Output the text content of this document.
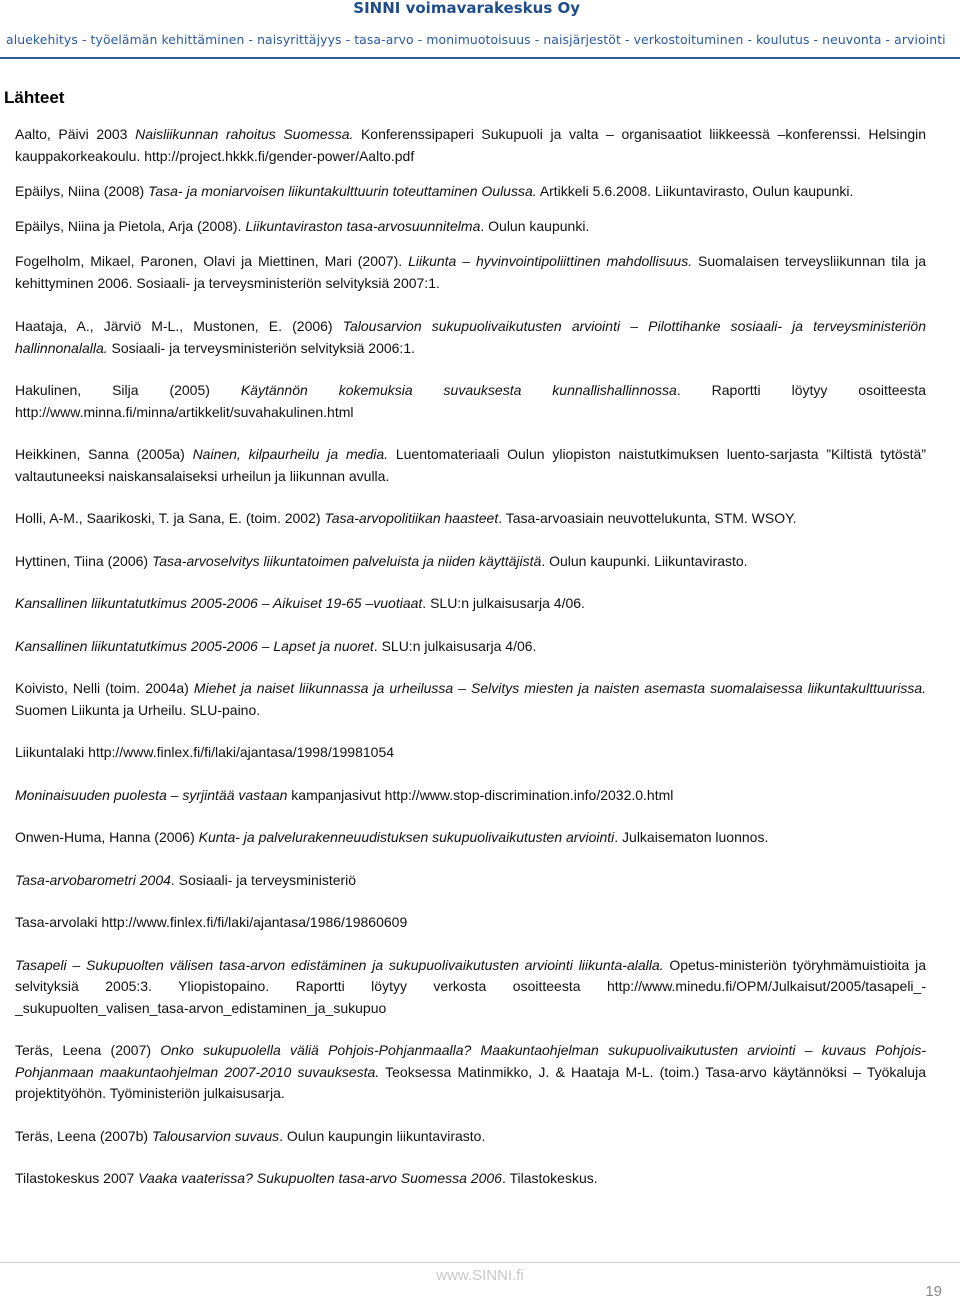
SINNI voimavarakeskus Oy
aluekehitys - työelämän kehittäminen - naisyrittäjyys - tasa-arvo - monimuotoisuus - naisjärjestöt - verkostoituminen - koulutus - neuvonta - arviointi
Lähteet

Aalto, Päivi 2003 Naisliikunnan rahoitus Suomessa. Konferenssipaperi Sukupuoli ja valta – organisaatiot liikkeessä –konferenssi. Helsingin kauppakorkeakoulu. http://project.hkkk.fi/gender-power/Aalto.pdf

Epäilys, Niina (2008) Tasa- ja moniarvoisen liikuntakulttuurin toteuttaminen Oulussa. Artikkeli 5.6.2008. Liikuntavirasto, Oulun kaupunki.

Epäilys, Niina ja Pietola, Arja (2008). Liikuntaviraston tasa-arvosuunnitelma. Oulun kaupunki.

Fogelholm, Mikael, Paronen, Olavi ja Miettinen, Mari (2007). Liikunta – hyvinvointipoliittinen mahdollisuus. Suomalaisen terveysliikunnan tila ja kehittyminen 2006. Sosiaali- ja terveysministeriön selvityksiä 2007:1.

Haataja, A., Järviö M-L., Mustonen, E. (2006) Talousarvion sukupuolivaikutusten arviointi – Pilottihanke sosiaali- ja terveysministeriön hallinnonalalla. Sosiaali- ja terveysministeriön selvityksiä 2006:1.

Hakulinen, Silja (2005) Käytännön kokemuksia suvauksesta kunnallishallinnossa. Raportti löytyy osoitteesta http://www.minna.fi/minna/artikkelit/suvahakulinen.html

Heikkinen, Sanna (2005a) Nainen, kilpaurheilu ja media. Luentomateriaali Oulun yliopiston naistutkimuksen luento-sarjasta ”Kiltistä tytöstä” valtautuneeksi naiskansalaiseksi urheilun ja liikunnan avulla.

Holli, A-M., Saarikoski, T. ja Sana, E. (toim. 2002) Tasa-arvopolitiikan haasteet. Tasa-arvoasiain neuvottelukunta, STM. WSOY.

Hyttinen, Tiina (2006) Tasa-arvoselvitys liikuntatoimen palveluista ja niiden käyttäjistä. Oulun kaupunki. Liikuntavirasto.

Kansallinen liikuntatutkimus 2005-2006 – Aikuiset 19-65 –vuotiaat. SLU:n julkaisusarja 4/06.

Kansallinen liikuntatutkimus 2005-2006 – Lapset ja nuoret. SLU:n julkaisusarja 4/06.

Koivisto, Nelli (toim. 2004a) Miehet ja naiset liikunnassa ja urheilussa – Selvitys miesten ja naisten asemasta suomalaisessa liikuntakulttuurissa. Suomen Liikunta ja Urheilu. SLU-paino.

Liikuntalaki http://www.finlex.fi/fi/laki/ajantasa/1998/19981054

Moninaisuuden puolesta – syrjintää vastaan kampanjasivut http://www.stop-discrimination.info/2032.0.html

Onwen-Huma, Hanna (2006) Kunta- ja palvelurakenneuudistuksen sukupuolivaikutusten arviointi. Julkaisematon luonnos.

Tasa-arvobarometri 2004. Sosiaali- ja terveysministeriö

Tasa-arvolaki http://www.finlex.fi/fi/laki/ajantasa/1986/19860609

Tasapeli – Sukupuolten välisen tasa-arvon edistäminen ja sukupuolivaikutusten arviointi liikunta-alalla. Opetus-ministeriön työryhmämuistioita ja selvityksiä 2005:3. Yliopistopaino. Raportti löytyy verkosta osoitteesta http://www.minedu.fi/OPM/Julkaisut/2005/tasapeli_-_sukupuolten_valisen_tasa-arvon_edistaminen_ja_sukupuo

Teräs, Leena (2007) Onko sukupuolella väliä Pohjois-Pohjanmaalla? Maakuntaohjelman sukupuolivaikutusten arviointi – kuvaus Pohjois-Pohjanmaan maakuntaohjelman 2007-2010 suvauksesta. Teoksessa Matinmikko, J. & Haataja M-L. (toim.) Tasa-arvo käytännöksi – Työkaluja projektityöhön. Työministeriön julkaisusarja.

Teräs, Leena (2007b) Talousarvion suvaus. Oulun kaupungin liikuntavirasto.

Tilastokeskus 2007 Vaaka vaaterissa? Sukupuolten tasa-arvo Suomessa 2006. Tilastokeskus.

www.SINNI.fi
19
